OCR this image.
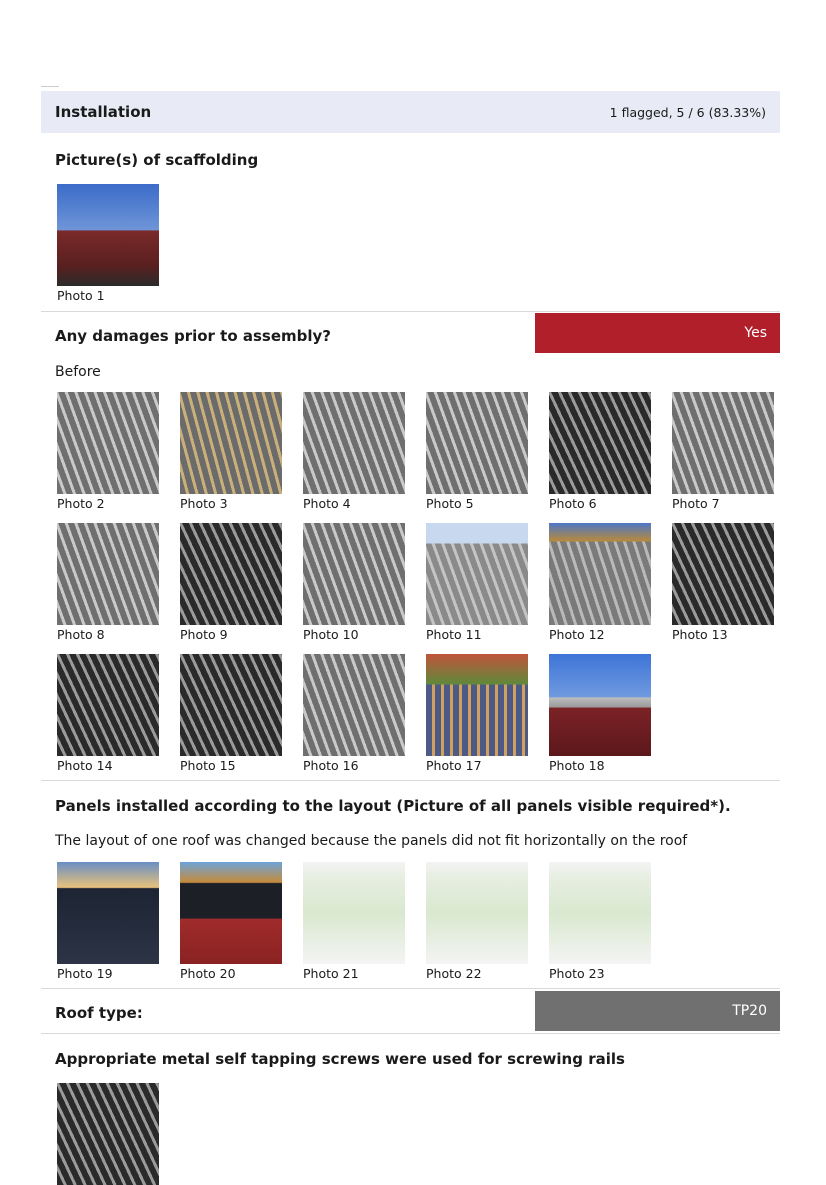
Installation	1 flagged, 5 / 6 (83.33%)
Picture(s) of scaffolding
Photo 1
Any damages prior to assembly?	Yes
Before
Photo 2	Photo 3	Photo 4	Photo 5	Photo 6	Photo 7
Photo 8	Photo 9	Photo 10	Photo 11	Photo 12	Photo 13
Photo 14	Photo 15	Photo 16	Photo 17	Photo 18
Panels installed according to the layout (Picture of all panels visible required*).
The layout of one roof was changed because the panels did not fit horizontally on the roof
Photo 19	Photo 20	Photo 21	Photo 22	Photo 23
Roof type:	TP20
Appropriate metal self tapping screws were used for screwing rails
